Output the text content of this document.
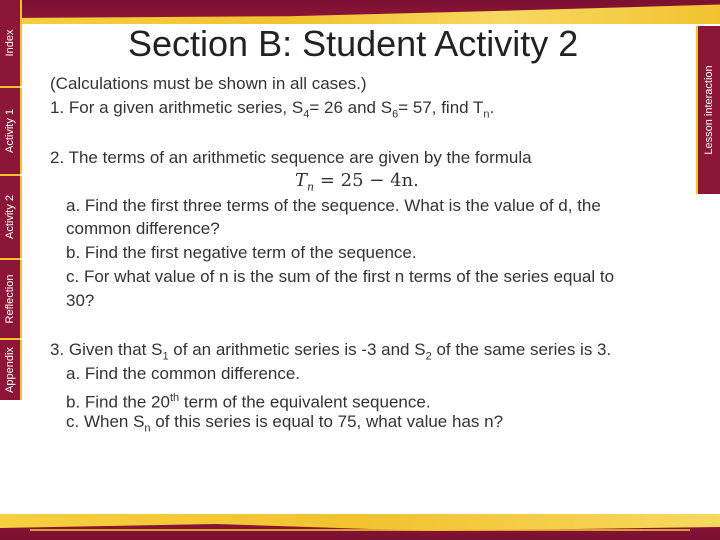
Index
Activity 1
Activity 2
Reflection
Appendix
Lesson interaction
Section B: Student Activity 2
(Calculations must be shown in all cases.)
1. For a given arithmetic series, $S_4= 26$ and $S_6= 57$, find $T_n$.
2. The terms of an arithmetic sequence are given by the formula
$T_n = 25 - 4n$.
a. Find the first three terms of the sequence. What is the value of d, the
common difference?
b. Find the first negative term of the sequence.
c. For what value of n is the sum of the first n terms of the series equal to
30?
3. Given that $S_1$ of an arithmetic series is -3 and $S_2$ of the same series is 3.
a. Find the common difference.
b. Find the 20th term of the equivalent sequence.
c. When $S_n$ of this series is equal to 75, what value has n?
